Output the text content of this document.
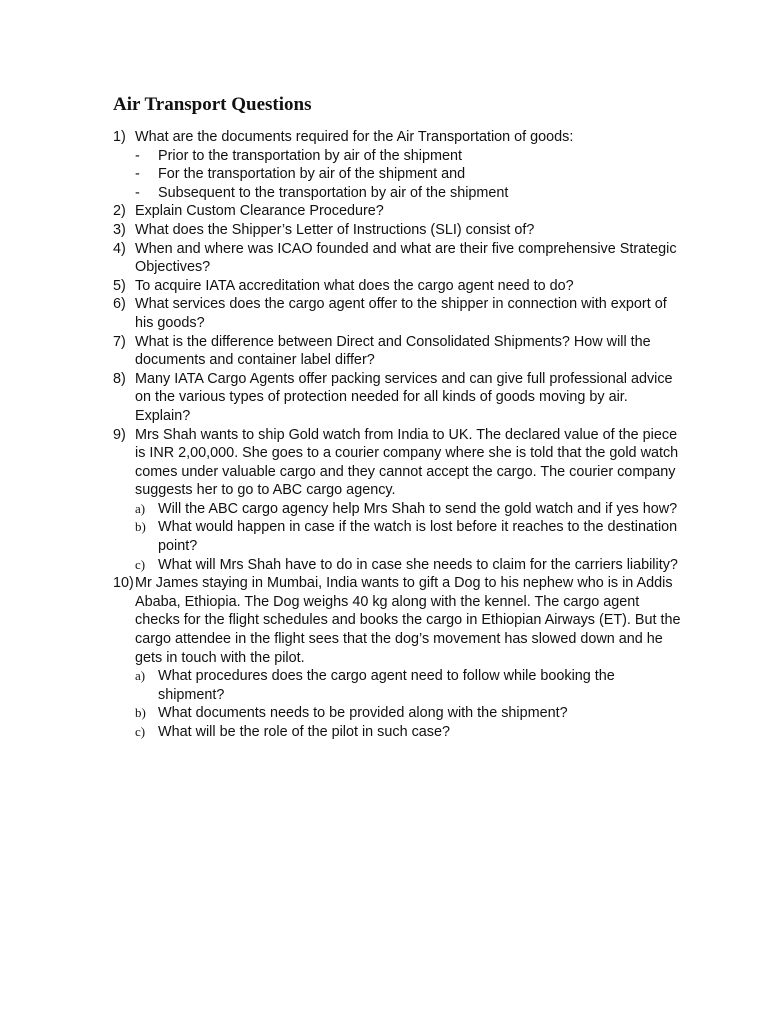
Air Transport Questions
1) What are the documents required for the Air Transportation of goods:
- Prior to the transportation by air of the shipment
- For the transportation by air of the shipment and
- Subsequent to the transportation by air of the shipment
2) Explain Custom Clearance Procedure?
3) What does the Shipper’s Letter of Instructions (SLI) consist of?
4) When and where was ICAO founded and what are their five comprehensive Strategic Objectives?
5) To acquire IATA accreditation what does the cargo agent need to do?
6) What services does the cargo agent offer to the shipper in connection with export of his goods?
7) What is the difference between Direct and Consolidated Shipments? How will the documents and container label differ?
8) Many IATA Cargo Agents offer packing services and can give full professional advice on the various types of protection needed for all kinds of goods moving by air. Explain?
9) Mrs Shah wants to ship Gold watch from India to UK. The declared value of the piece is INR 2,00,000. She goes to a courier company where she is told that the gold watch comes under valuable cargo and they cannot accept the cargo. The courier company suggests her to go to ABC cargo agency.
a) Will the ABC cargo agency help Mrs Shah to send the gold watch and if yes how?
b) What would happen in case if the watch is lost before it reaches to the destination point?
c) What will Mrs Shah have to do in case she needs to claim for the carriers liability?
10) Mr James staying in Mumbai, India wants to gift a Dog to his nephew who is in Addis Ababa, Ethiopia. The Dog weighs 40 kg along with the kennel. The cargo agent checks for the flight schedules and books the cargo in Ethiopian Airways (ET). But the cargo attendee in the flight sees that the dog’s movement has slowed down and he gets in touch with the pilot.
a) What procedures does the cargo agent need to follow while booking the shipment?
b) What documents needs to be provided along with the shipment?
c) What will be the role of the pilot in such case?
